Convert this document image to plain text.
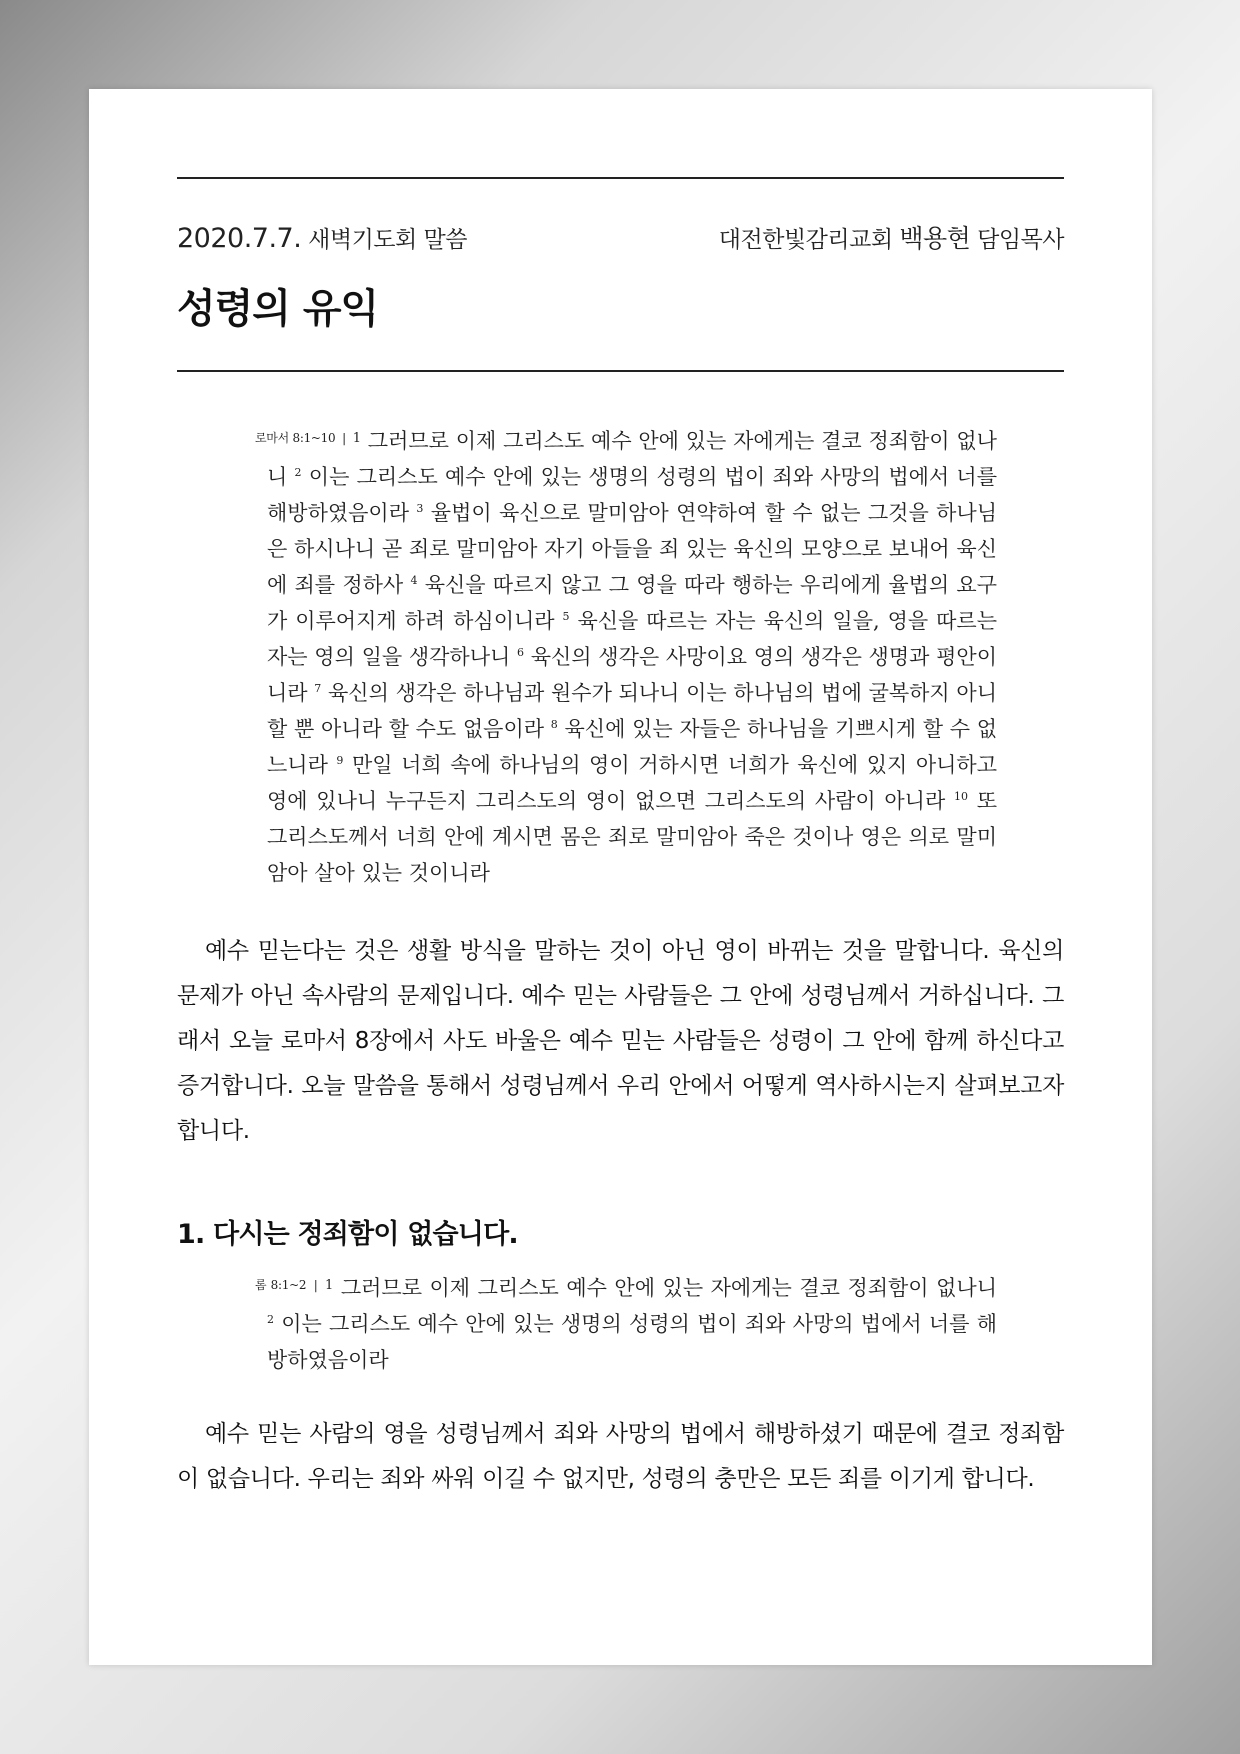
2020.7.7. 새벽기도회 말씀	대전한빛감리교회 백용현 담임목사
성령의 유익
$^{로마서 8:1\sim 10}$ | $^1$ 그러므로 이제 그리스도 예수 안에 있는 자에게는 결코 정죄함이 없나니 $^2$ 이는 그리스도 예수 안에 있는 생명의 성령의 법이 죄와 사망의 법에서 너를 해방하였음이라 $^3$ 율법이 육신으로 말미암아 연약하여 할 수 없는 그것을 하나님은 하시나니 곧 죄로 말미암아 자기 아들을 죄 있는 육신의 모양으로 보내어 육신에 죄를 정하사 $^4$ 육신을 따르지 않고 그 영을 따라 행하는 우리에게 율법의 요구가 이루어지게 하려 하심이니라 $^5$ 육신을 따르는 자는 육신의 일을, 영을 따르는 자는 영의 일을 생각하나니 $^6$ 육신의 생각은 사망이요 영의 생각은 생명과 평안이니라 $^7$ 육신의 생각은 하나님과 원수가 되나니 이는 하나님의 법에 굴복하지 아니할 뿐 아니라 할 수도 없음이라 $^8$ 육신에 있는 자들은 하나님을 기쁘시게 할 수 없느니라 $^9$ 만일 너희 속에 하나님의 영이 거하시면 너희가 육신에 있지 아니하고 영에 있나니 누구든지 그리스도의 영이 없으면 그리스도의 사람이 아니라 $^{10}$ 또 그리스도께서 너희 안에 계시면 몸은 죄로 말미암아 죽은 것이나 영은 의로 말미암아 살아 있는 것이니라

예수 믿는다는 것은 생활 방식을 말하는 것이 아닌 영이 바뀌는 것을 말합니다. 육신의 문제가 아닌 속사람의 문제입니다. 예수 믿는 사람들은 그 안에 성령님께서 거하십니다. 그래서 오늘 로마서 8장에서 사도 바울은 예수 믿는 사람들은 성령이 그 안에 함께 하신다고 증거합니다. 오늘 말씀을 통해서 성령님께서 우리 안에서 어떻게 역사하시는지 살펴보고자 합니다.

1. 다시는 정죄함이 없습니다.
$^{롬 8:1\sim 2}$ | $^1$ 그러므로 이제 그리스도 예수 안에 있는 자에게는 결코 정죄함이 없나니 $^2$ 이는 그리스도 예수 안에 있는 생명의 성령의 법이 죄와 사망의 법에서 너를 해방하였음이라

예수 믿는 사람의 영을 성령님께서 죄와 사망의 법에서 해방하셨기 때문에 결코 정죄함이 없습니다. 우리는 죄와 싸워 이길 수 없지만, 성령의 충만은 모든 죄를 이기게 합니다.
